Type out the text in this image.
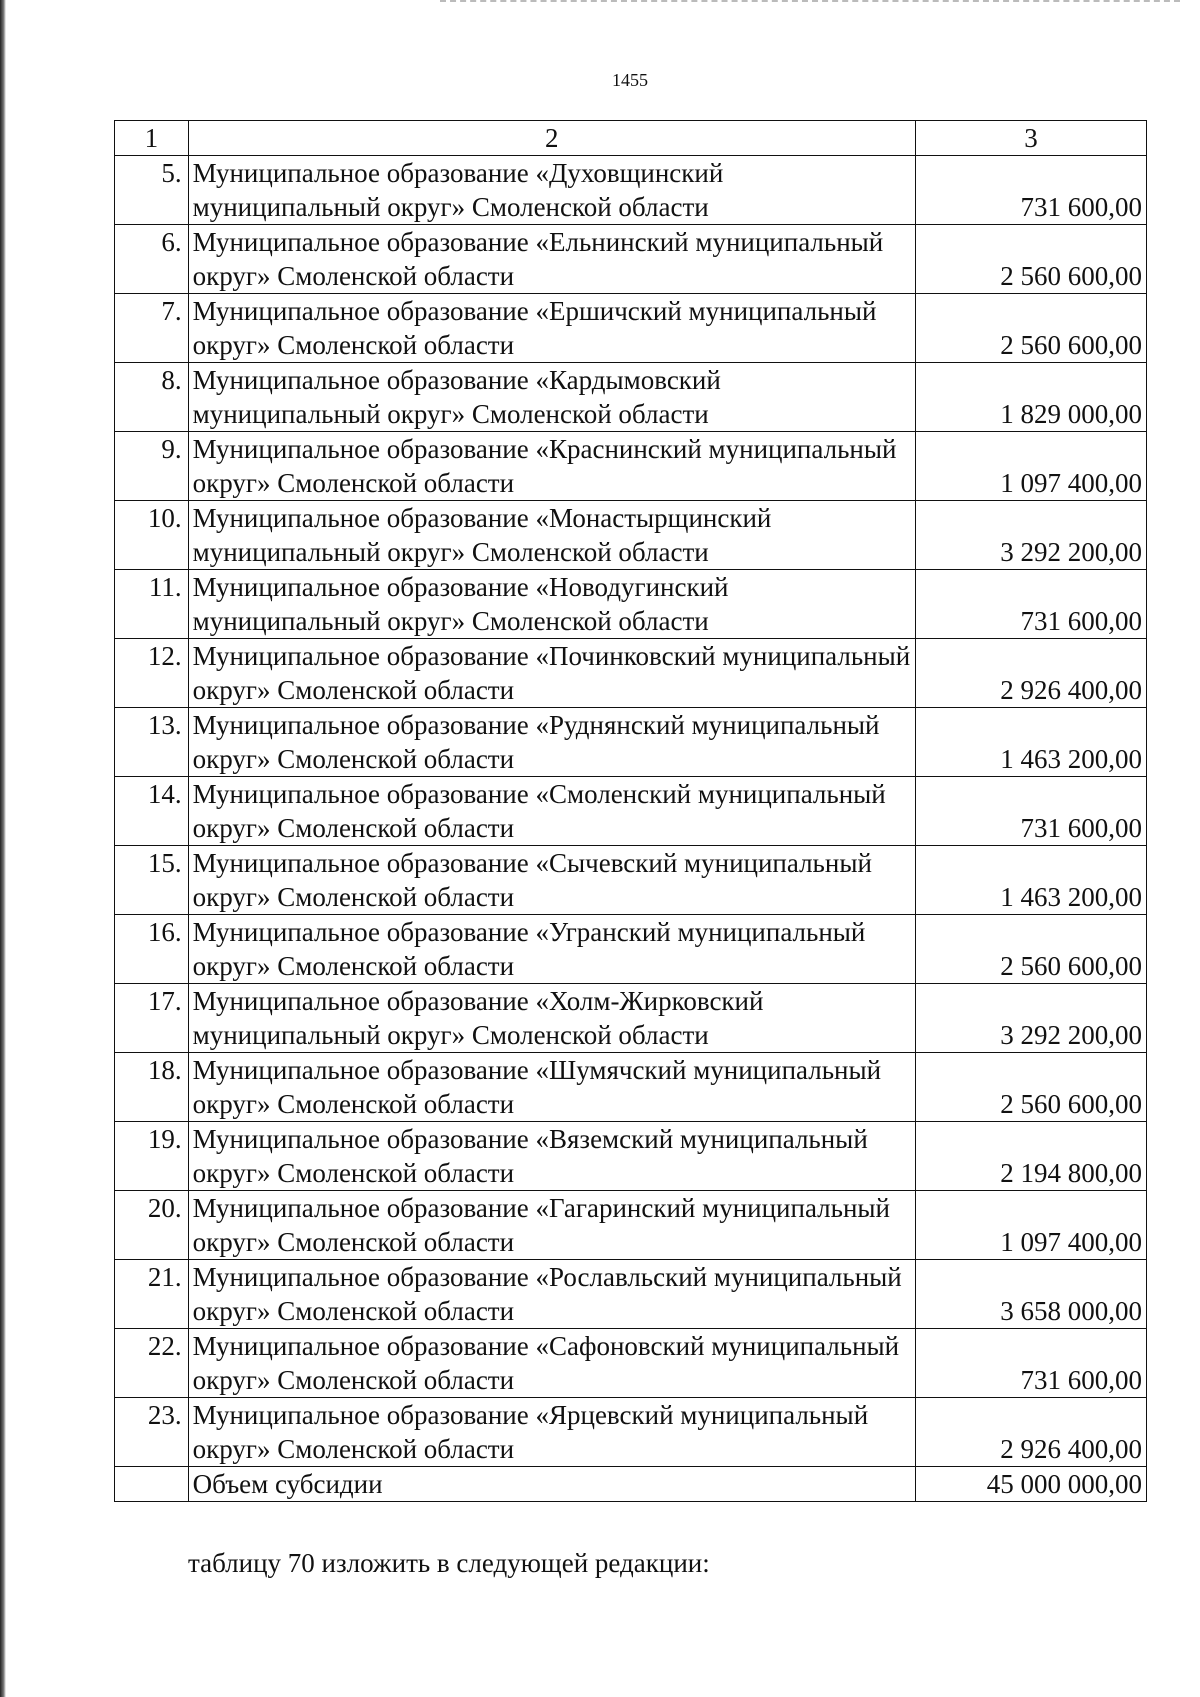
1455
1	2	3
5.	Муниципальное образование «Духовщинский муниципальный округ» Смоленской области	731 600,00
6.	Муниципальное образование «Ельнинский муниципальный округ» Смоленской области	2 560 600,00
7.	Муниципальное образование «Ершичский муниципальный округ» Смоленской области	2 560 600,00
8.	Муниципальное образование «Кардымовский муниципальный округ» Смоленской области	1 829 000,00
9.	Муниципальное образование «Краснинский муниципальный округ» Смоленской области	1 097 400,00
10.	Муниципальное образование «Монастырщинский муниципальный округ» Смоленской области	3 292 200,00
11.	Муниципальное образование «Новодугинский муниципальный округ» Смоленской области	731 600,00
12.	Муниципальное образование «Починковский муниципальный округ» Смоленской области	2 926 400,00
13.	Муниципальное образование «Руднянский муниципальный округ» Смоленской области	1 463 200,00
14.	Муниципальное образование «Смоленский муниципальный округ» Смоленской области	731 600,00
15.	Муниципальное образование «Сычевский муниципальный округ» Смоленской области	1 463 200,00
16.	Муниципальное образование «Угранский муниципальный округ» Смоленской области	2 560 600,00
17.	Муниципальное образование «Холм-Жирковский муниципальный округ» Смоленской области	3 292 200,00
18.	Муниципальное образование «Шумячский муниципальный округ» Смоленской области	2 560 600,00
19.	Муниципальное образование «Вяземский муниципальный округ» Смоленской области	2 194 800,00
20.	Муниципальное образование «Гагаринский муниципальный округ» Смоленской области	1 097 400,00
21.	Муниципальное образование «Рославльский муниципальный округ» Смоленской области	3 658 000,00
22.	Муниципальное образование «Сафоновский муниципальный округ» Смоленской области	731 600,00
23.	Муниципальное образование «Ярцевский муниципальный округ» Смоленской области	2 926 400,00
	Объем субсидии	45 000 000,00
таблицу 70 изложить в следующей редакции:
